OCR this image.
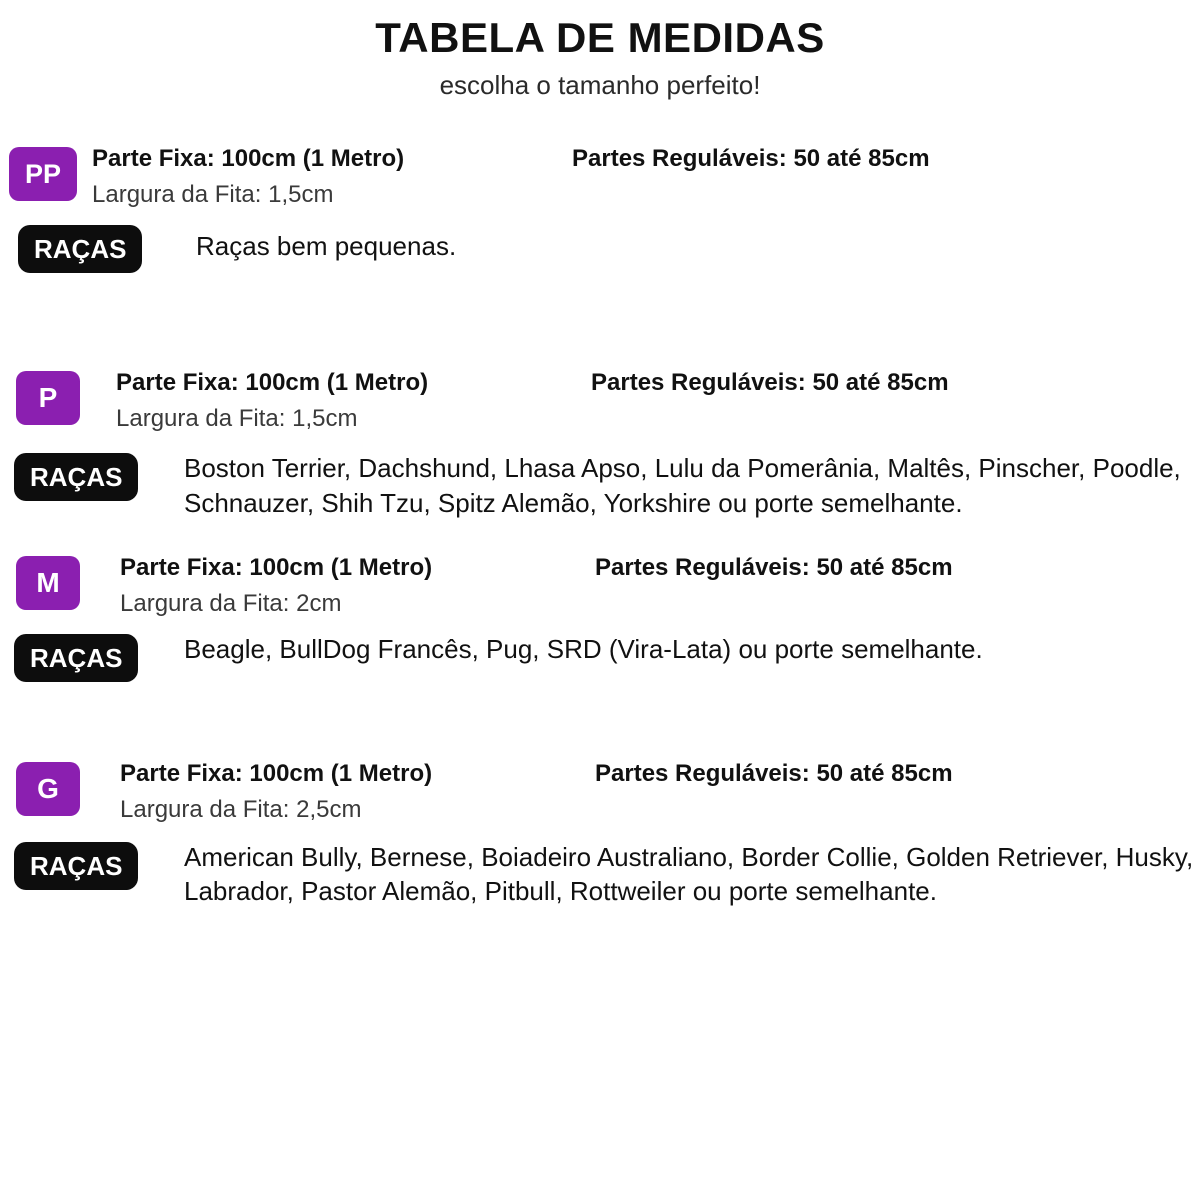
TABELA DE MEDIDAS

escolha o tamanho perfeito!

PP	Parte Fixa: 100cm (1 Metro)	Partes Reguláveis: 50 até 85cm
Largura da Fita: 1,5cm
RAÇAS	Raças bem pequenas.
P	Parte Fixa: 100cm (1 Metro)	Partes Reguláveis: 50 até 85cm
Largura da Fita: 1,5cm
RAÇAS	Boston Terrier, Dachshund, Lhasa Apso, Lulu da Pomerânia, Maltês, Pinscher, Poodle, Schnauzer, Shih Tzu, Spitz Alemão, Yorkshire ou porte semelhante.
M	Parte Fixa: 100cm (1 Metro)	Partes Reguláveis: 50 até 85cm
Largura da Fita: 2cm
RAÇAS	Beagle, BullDog Francês, Pug, SRD (Vira-Lata) ou porte semelhante.
G	Parte Fixa: 100cm (1 Metro)	Partes Reguláveis: 50 até 85cm
Largura da Fita: 2,5cm
RAÇAS	American Bully, Bernese, Boiadeiro Australiano, Border Collie, Golden Retriever, Husky, Labrador, Pastor Alemão, Pitbull, Rottweiler ou porte semelhante.
